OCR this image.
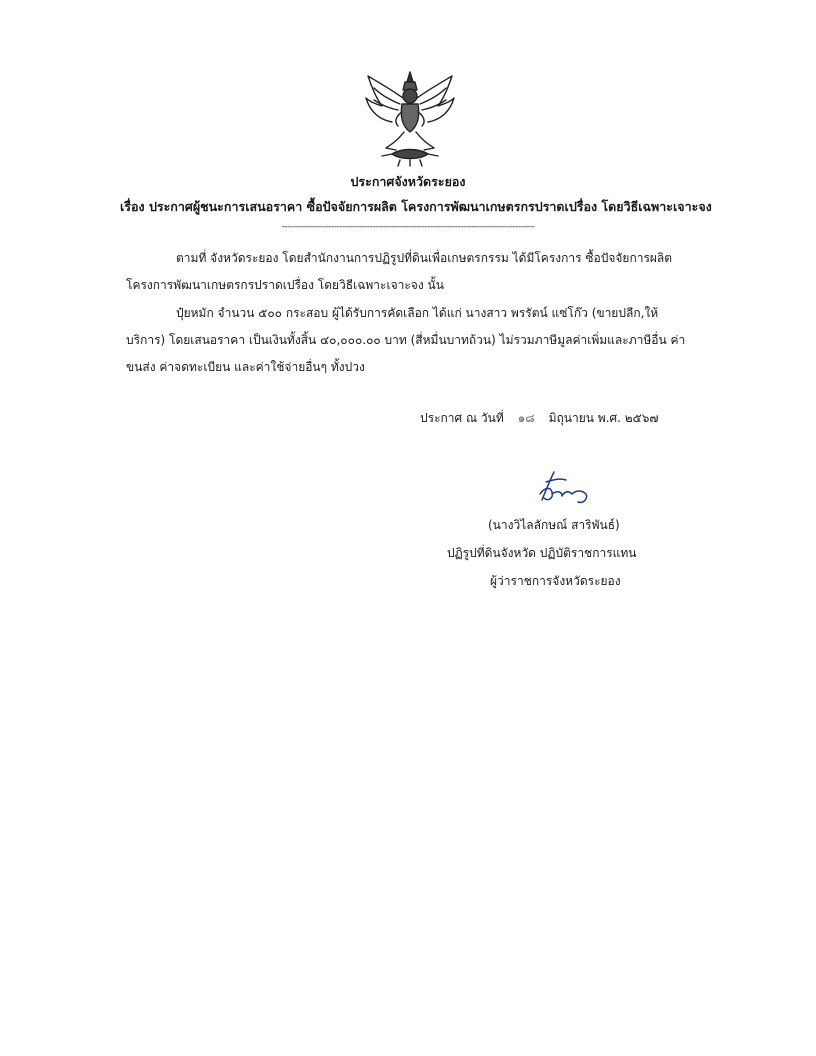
ประกาศจังหวัดระยอง
เรื่อง ประกาศผู้ชนะการเสนอราคา ซื้อปัจจัยการผลิต โครงการพัฒนาเกษตรกรปราดเปรื่อง โดยวิธีเฉพาะเจาะจง
--------------------------------------------------------------------------------------------
ตามที่ จังหวัดระยอง โดยสำนักงานการปฏิรูปที่ดินเพื่อเกษตรกรรม ได้มีโครงการ ซื้อปัจจัยการผลิต
โครงการพัฒนาเกษตรกรปราดเปรื่อง โดยวิธีเฉพาะเจาะจง นั้น
ปุ๋ยหมัก จำนวน ๕๐๐ กระสอบ ผู้ได้รับการคัดเลือก ได้แก่ นางสาว พรรัตน์ แซ่โก๊ว (ขายปลีก,ให้
บริการ) โดยเสนอราคา เป็นเงินทั้งสิ้น ๔๐,๐๐๐.๐๐ บาท (สี่หมื่นบาทถ้วน) ไม่รวมภาษีมูลค่าเพิ่มและภาษีอื่น ค่า
ขนส่ง ค่าจดทะเบียน และค่าใช้จ่ายอื่นๆ ทั้งปวง
ประกาศ ณ วันที่ ๑๘ มิถุนายน พ.ศ. ๒๕๖๗
(นางวิไลลักษณ์ สาริพันธ์)
ปฏิรูปที่ดินจังหวัด ปฏิบัติราชการแทน
ผู้ว่าราชการจังหวัดระยอง
